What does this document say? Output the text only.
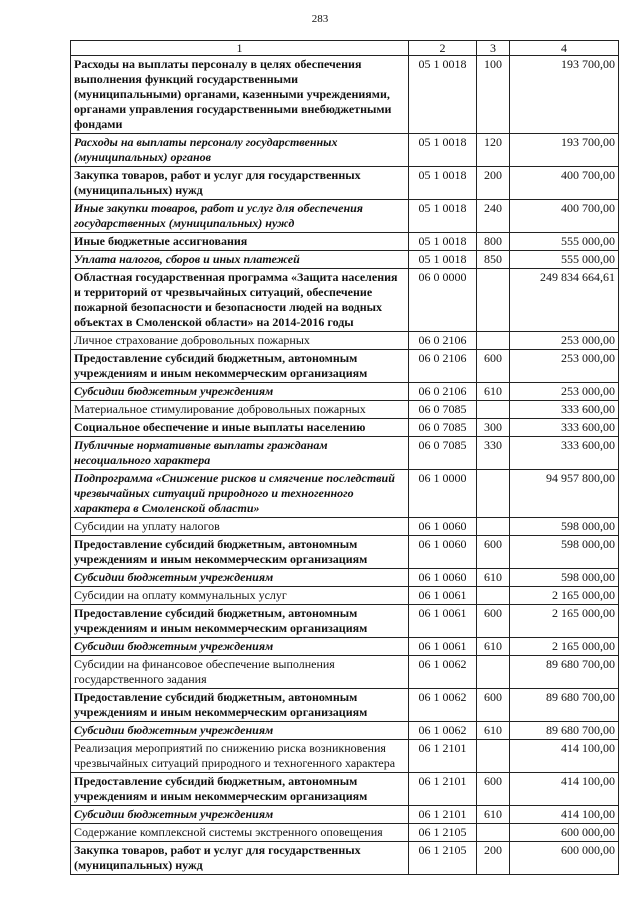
283
1	2	3	4
Расходы на выплаты персоналу в целях обеспечения выполнения функций государственными (муниципальными) органами, казенными учреждениями, органами управления государственными внебюджетными фондами	05 1 0018	100	193 700,00
Расходы на выплаты персоналу государственных (муниципальных) органов	05 1 0018	120	193 700,00
Закупка товаров, работ и услуг для государственных (муниципальных) нужд	05 1 0018	200	400 700,00
Иные закупки товаров, работ и услуг для обеспечения государственных (муниципальных) нужд	05 1 0018	240	400 700,00
Иные бюджетные ассигнования	05 1 0018	800	555 000,00
Уплата налогов, сборов и иных платежей	05 1 0018	850	555 000,00
Областная государственная программа «Защита населения и территорий от чрезвычайных ситуаций, обеспечение пожарной безопасности и безопасности людей на водных объектах в Смоленской области» на 2014-2016 годы	06 0 0000		249 834 664,61
Личное страхование добровольных пожарных	06 0 2106		253 000,00
Предоставление субсидий бюджетным, автономным учреждениям и иным некоммерческим организациям	06 0 2106	600	253 000,00
Субсидии бюджетным учреждениям	06 0 2106	610	253 000,00
Материальное стимулирование добровольных пожарных	06 0 7085		333 600,00
Социальное обеспечение и иные выплаты населению	06 0 7085	300	333 600,00
Публичные нормативные выплаты гражданам несоциального характера	06 0 7085	330	333 600,00
Подпрограмма «Снижение рисков и смягчение последствий чрезвычайных ситуаций природного и техногенного характера в Смоленской области»	06 1 0000		94 957 800,00
Субсидии на уплату налогов	06 1 0060		598 000,00
Предоставление субсидий бюджетным, автономным учреждениям и иным некоммерческим организациям	06 1 0060	600	598 000,00
Субсидии бюджетным учреждениям	06 1 0060	610	598 000,00
Субсидии на оплату коммунальных услуг	06 1 0061		2 165 000,00
Предоставление субсидий бюджетным, автономным учреждениям и иным некоммерческим организациям	06 1 0061	600	2 165 000,00
Субсидии бюджетным учреждениям	06 1 0061	610	2 165 000,00
Субсидии на финансовое обеспечение выполнения государственного задания	06 1 0062		89 680 700,00
Предоставление субсидий бюджетным, автономным учреждениям и иным некоммерческим организациям	06 1 0062	600	89 680 700,00
Субсидии бюджетным учреждениям	06 1 0062	610	89 680 700,00
Реализация мероприятий по снижению риска возникновения чрезвычайных ситуаций природного и техногенного характера	06 1 2101		414 100,00
Предоставление субсидий бюджетным, автономным учреждениям и иным некоммерческим организациям	06 1 2101	600	414 100,00
Субсидии бюджетным учреждениям	06 1 2101	610	414 100,00
Содержание комплексной системы экстренного оповещения	06 1 2105		600 000,00
Закупка товаров, работ и услуг для государственных (муниципальных) нужд	06 1 2105	200	600 000,00
